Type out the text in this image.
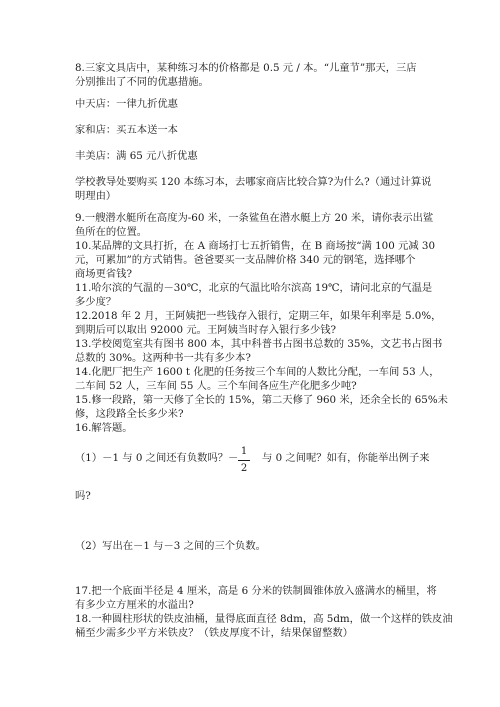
8.三家文具店中，某种练习本的价格都是 0.5 元 / 本。“儿童节”那天，三店
分别推出了不同的优惠措施。
中天店：一律九折优惠
家和店：买五本送一本
丰美店：满 65 元八折优惠
学校教导处要购买 120 本练习本，去哪家商店比较合算?为什么?（通过计算说
明理由）
9.一艘潜水艇所在高度为-60 米，一条鲨鱼在潜水艇上方 20 米，请你表示出鲨
鱼所在的位置。
10.某品牌的文具打折，在 A 商场打七五折销售，在 B 商场按“满 100 元减 30
元，可累加”的方式销售。爸爸要买一支品牌价格 340 元的钢笔，选择哪个
商场更省钱?
11.哈尔滨的气温的－30℃，北京的气温比哈尔滨高 19℃，请问北京的气温是
多少度？
12.2018 年 2 月，王阿姨把一些钱存入银行，定期三年，如果年利率是 5.0%，
到期后可以取出 92000 元。王阿姨当时存入银行多少钱?
13.学校阅览室共有图书 800 本，其中科普书占图书总数的 35%，文艺书占图书
总数的 30%。这两种书一共有多少本?
14.化肥厂把生产 1600 t 化肥的任务按三个车间的人数比分配，一车间 53 人，
二车间 52 人，三车间 55 人。三个车间各应生产化肥多少吨?
15.修一段路，第一天修了全长的 15%，第二天修了 960 米，还余全长的 65%未
修，这段路全长多少米?
16.解答题。
（1）－1 与 0 之间还有负数吗？－
1
2
与 0 之间呢？如有，你能举出例子来
吗?
（2）写出在－1 与－3 之间的三个负数。
17.把一个底面半径是 4 厘米，高是 6 分米的铁制圆锥体放入盛满水的桶里，将
有多少立方厘米的水溢出?
18.一种圆柱形状的铁皮油桶，量得底面直径 8dm，高 5dm，做一个这样的铁皮油
桶至少需多少平方米铁皮？（铁皮厚度不计，结果保留整数）
